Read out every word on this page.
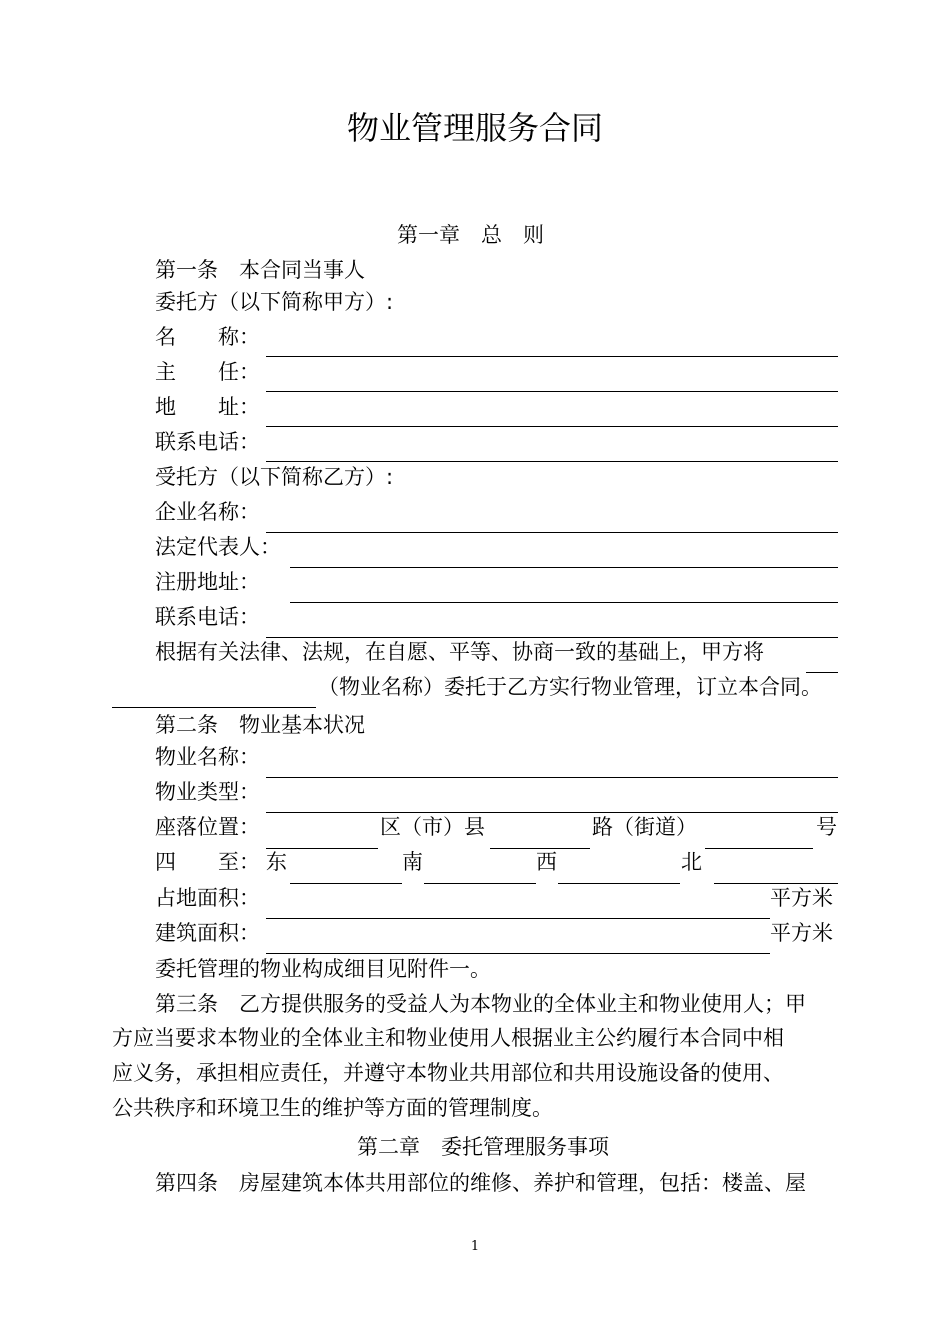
物业管理服务合同
第一章　总　则
第一条　本合同当事人
委托方（以下简称甲方）:
名　　称：
主　　任：
地　　址：
联系电话：
受托方（以下简称乙方）:
企业名称：
法定代表人：
注册地址：
联系电话：
根据有关法律、法规，在自愿、平等、协商一致的基础上，甲方将
（物业名称）委托于乙方实行物业管理，订立本合同。
第二条　物业基本状况
物业名称：
物业类型：
座落位置：	区（市）县	路（街道）	号
四　　至： 东	南	西	北
占地面积：	平方米
建筑面积：	平方米
委托管理的物业构成细目见附件一。
第三条　乙方提供服务的受益人为本物业的全体业主和物业使用人；甲
方应当要求本物业的全体业主和物业使用人根据业主公约履行本合同中相
应义务，承担相应责任，并遵守本物业共用部位和共用设施设备的使用、
公共秩序和环境卫生的维护等方面的管理制度。
第二章　委托管理服务事项
第四条　房屋建筑本体共用部位的维修、养护和管理，包括：楼盖、屋
1
